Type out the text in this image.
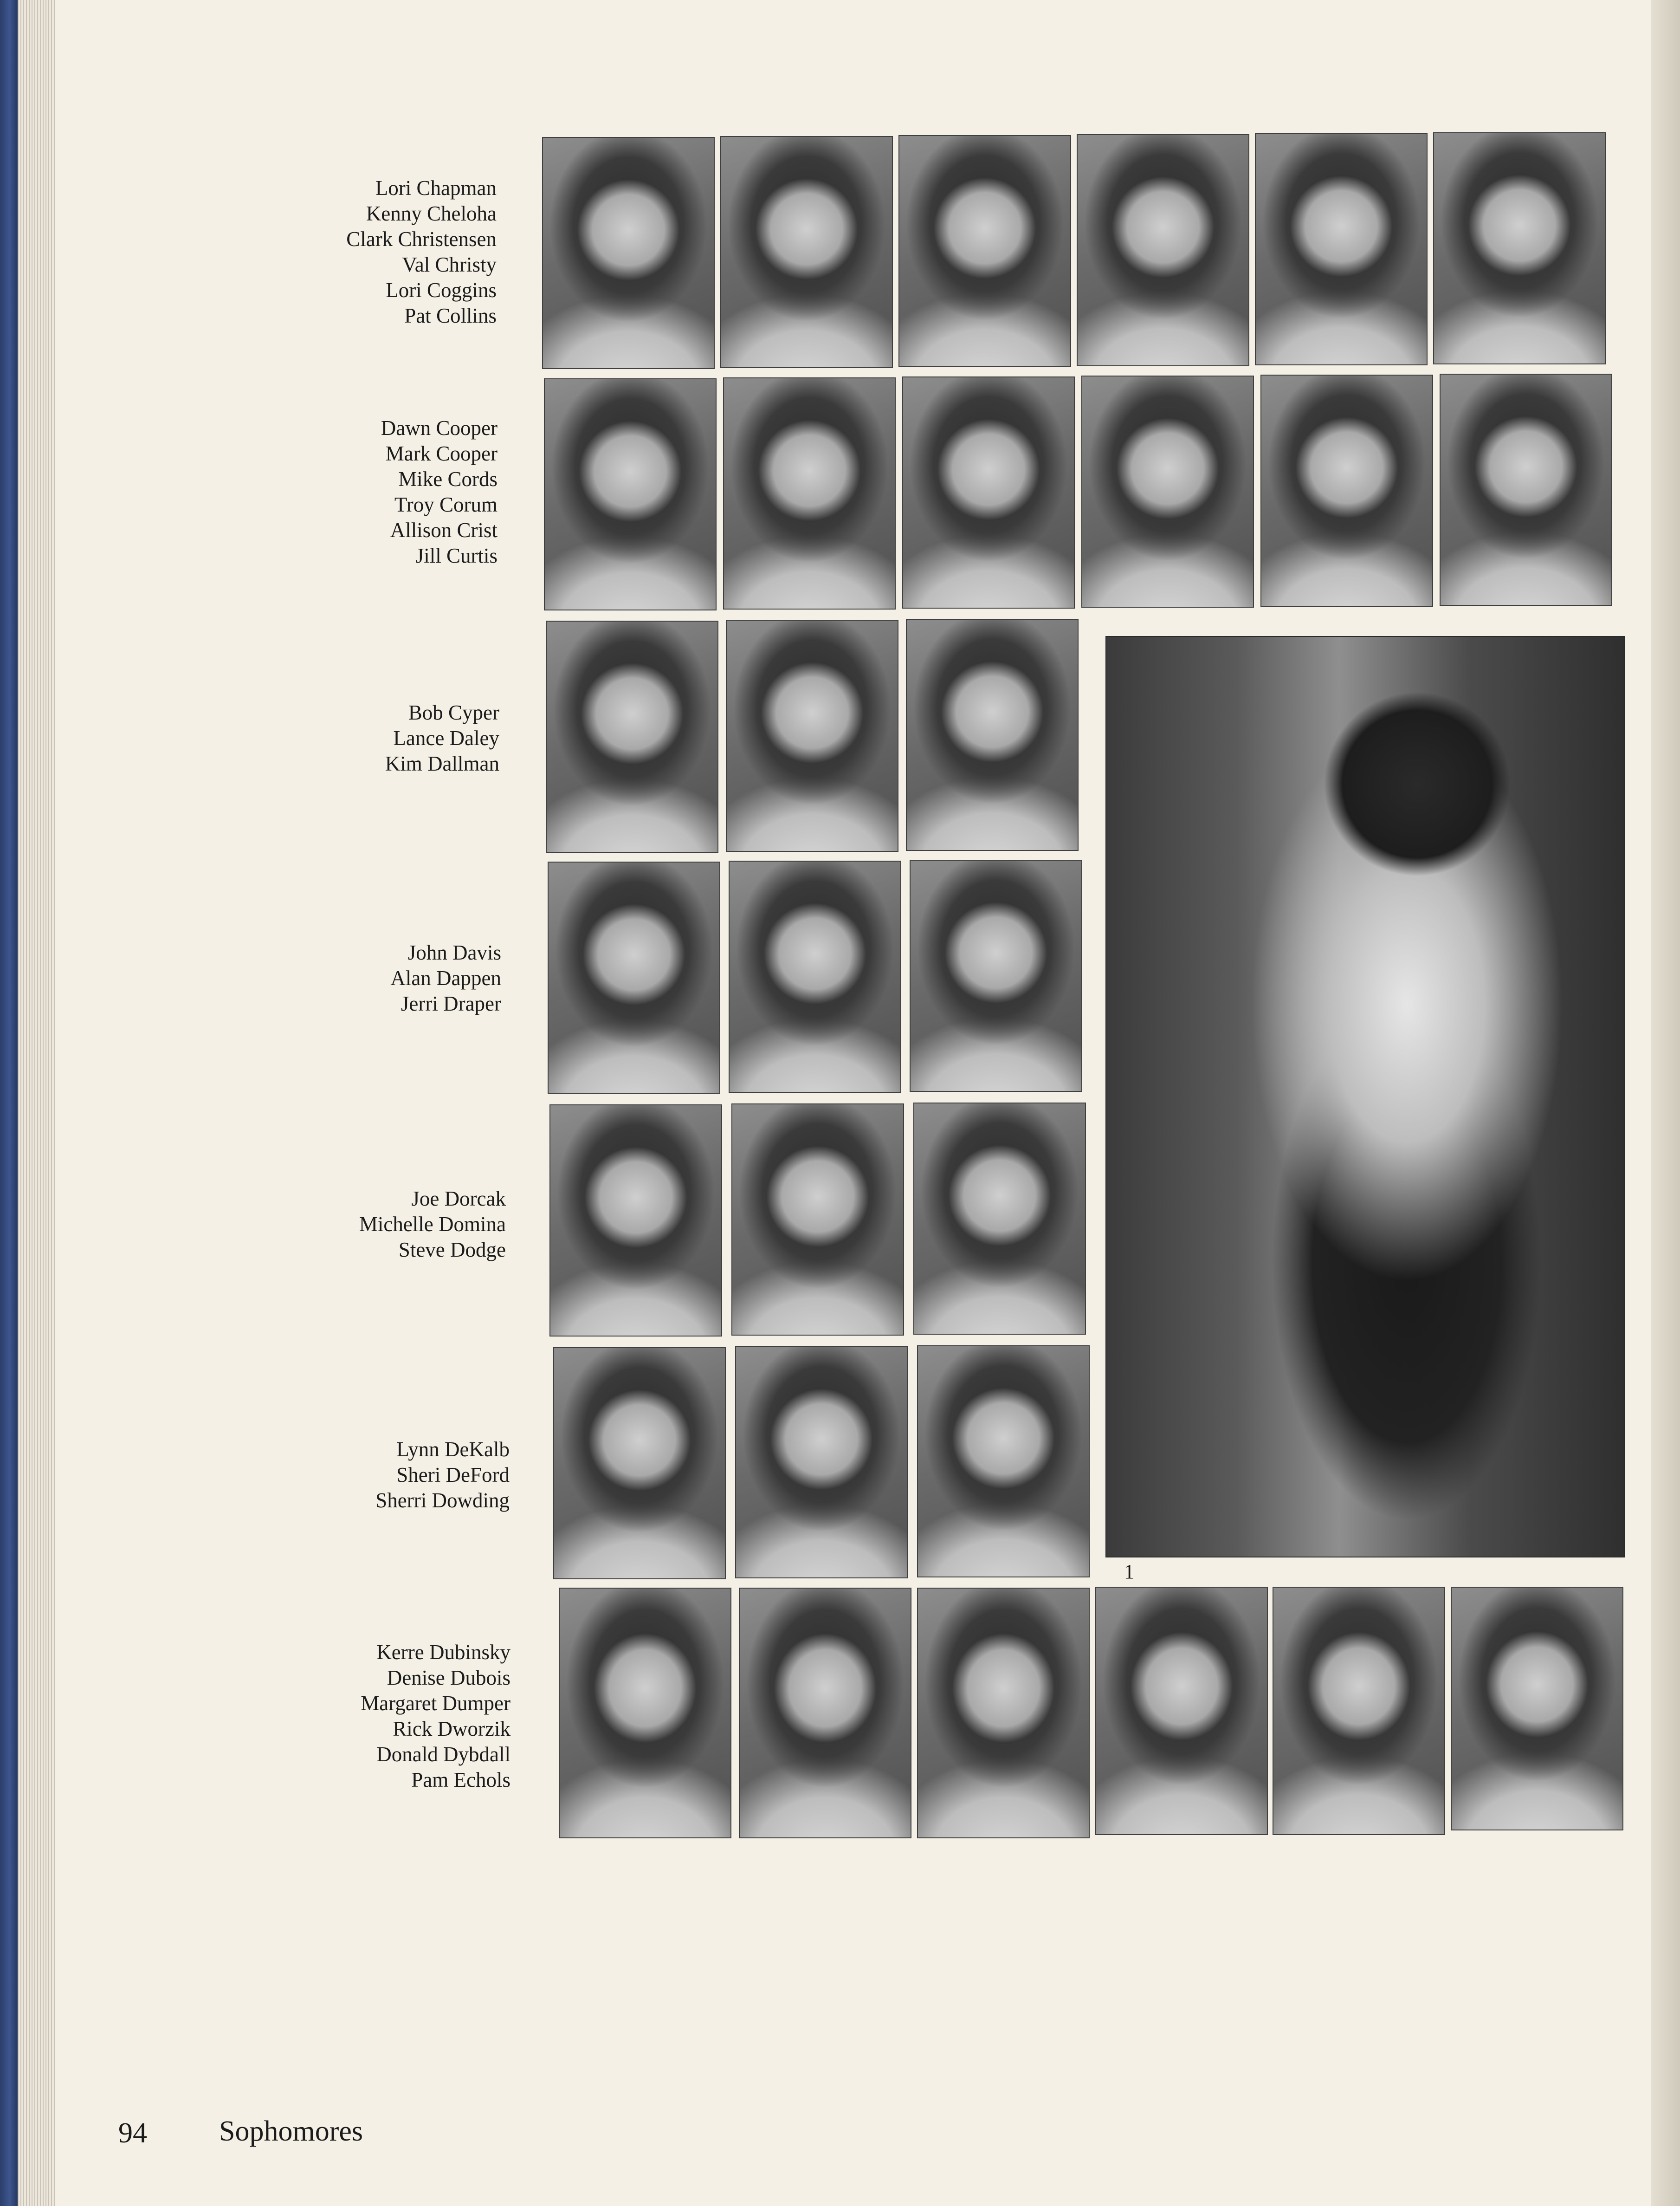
Lori Chapman
Kenny Cheloha
Clark Christensen
Val Christy
Lori Coggins
Pat Collins
Dawn Cooper
Mark Cooper
Mike Cords
Troy Corum
Allison Crist
Jill Curtis
Bob Cyper
Lance Daley
Kim Dallman
John Davis
Alan Dappen
Jerri Draper
Joe Dorcak
Michelle Domina
Steve Dodge
Lynn DeKalb
Sheri DeFord
Sherri Dowding
1
Kerre Dubinsky
Denise Dubois
Margaret Dumper
Rick Dworzik
Donald Dybdall
Pam Echols
94	Sophomores
